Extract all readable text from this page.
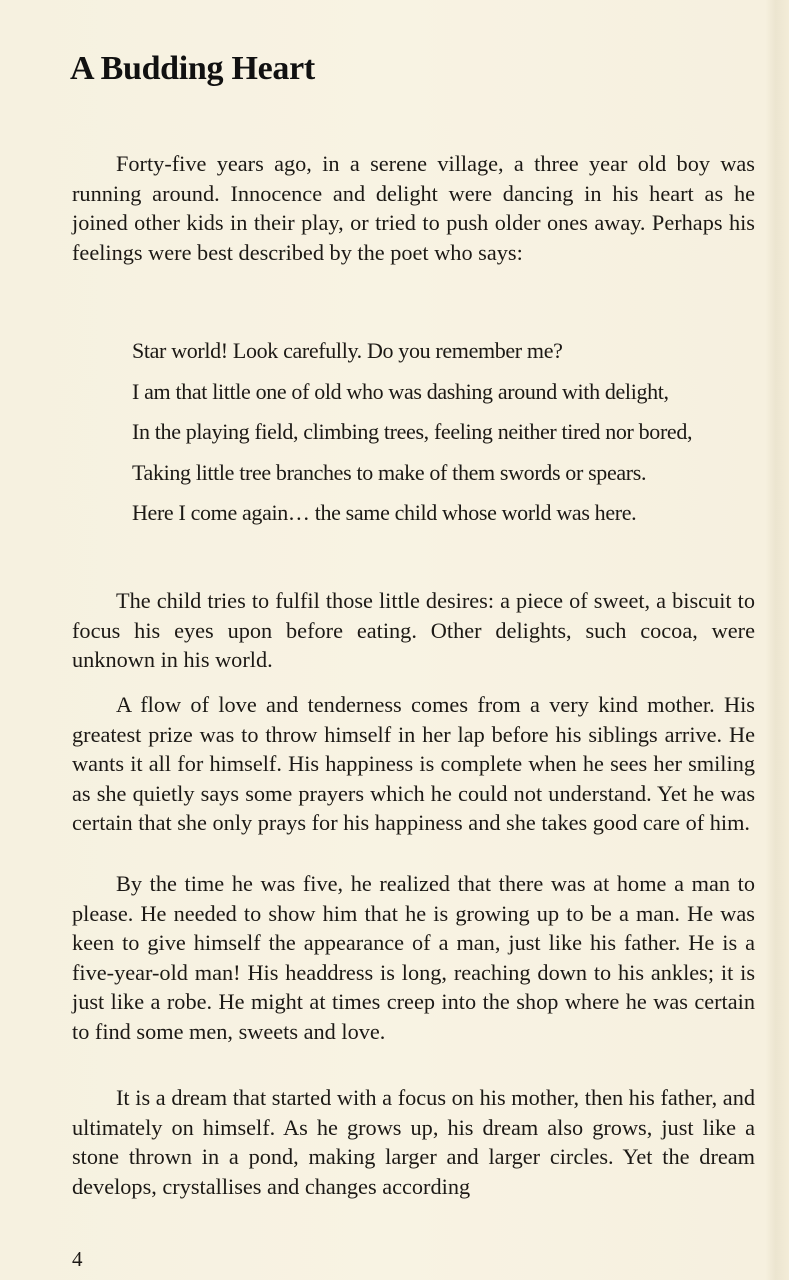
A Budding Heart

Forty-five years ago, in a serene village, a three year old boy was running around. Innocence and delight were dancing in his heart as he joined other kids in their play, or tried to push older ones away. Perhaps his feelings were best described by the poet who says:

Star world! Look carefully. Do you remember me?
I am that little one of old who was dashing around with delight,
In the playing field, climbing trees, feeling neither tired nor bored,
Taking little tree branches to make of them swords or spears.
Here I come again… the same child whose world was here.

The child tries to fulfil those little desires: a piece of sweet, a biscuit to focus his eyes upon before eating. Other delights, such cocoa, were unknown in his world.

A flow of love and tenderness comes from a very kind mother. His greatest prize was to throw himself in her lap before his siblings arrive. He wants it all for himself. His happiness is complete when he sees her smiling as she quietly says some prayers which he could not understand. Yet he was certain that she only prays for his happiness and she takes good care of him.

By the time he was five, he realized that there was at home a man to please. He needed to show him that he is growing up to be a man. He was keen to give himself the appearance of a man, just like his father. He is a five-year-old man! His headdress is long, reaching down to his ankles; it is just like a robe. He might at times creep into the shop where he was certain to find some men, sweets and love.

It is a dream that started with a focus on his mother, then his father, and ultimately on himself. As he grows up, his dream also grows, just like a stone thrown in a pond, making larger and larger circles. Yet the dream develops, crystallises and changes according

4
